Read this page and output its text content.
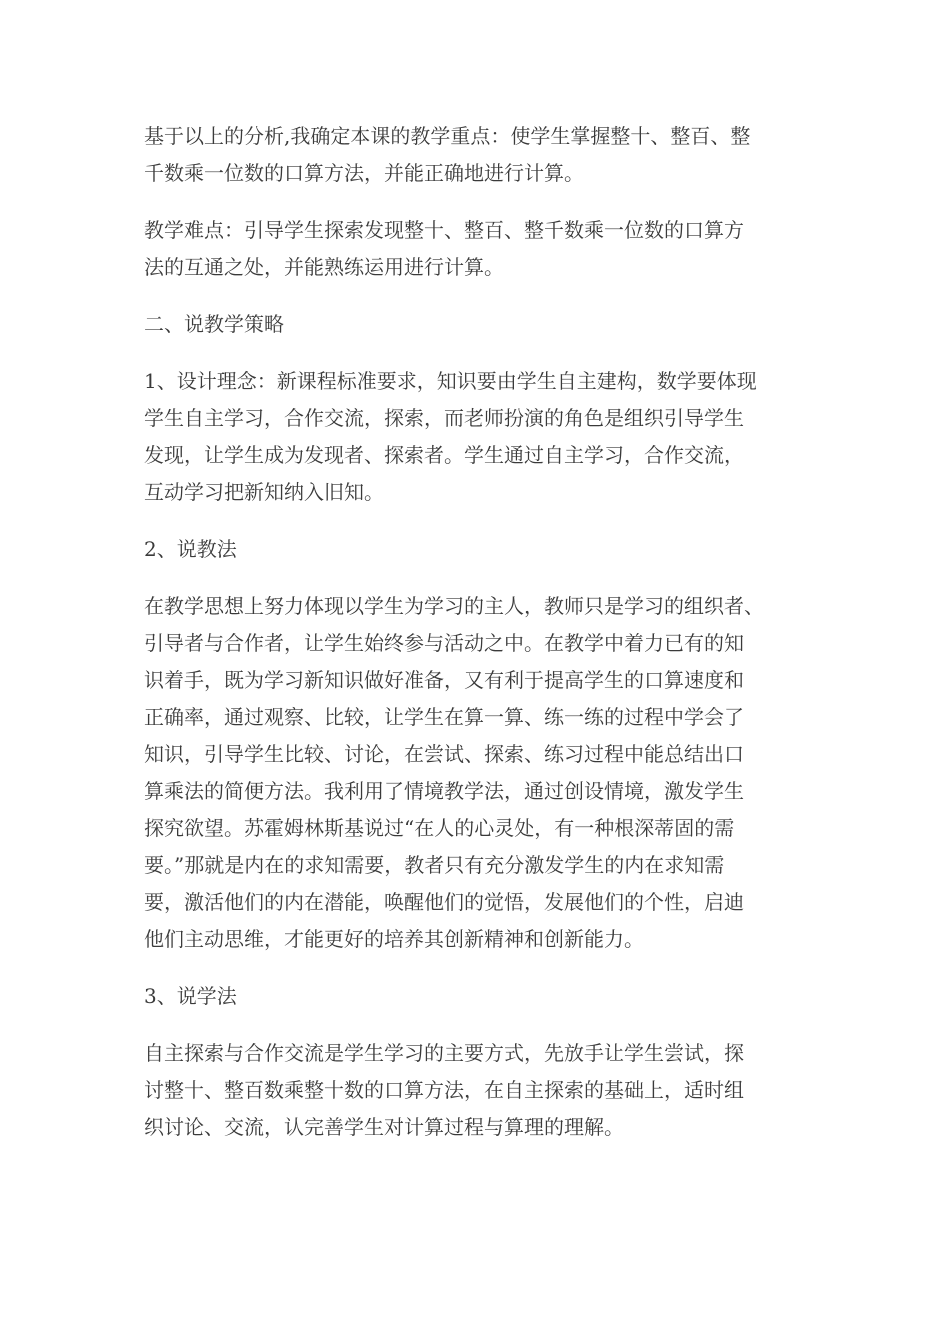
基于以上的分析,我确定本课的教学重点：使学生掌握整十、整百、整
千数乘一位数的口算方法，并能正确地进行计算。

教学难点：引导学生探索发现整十、整百、整千数乘一位数的口算方
法的互通之处，并能熟练运用进行计算。

二、说教学策略

1、设计理念：新课程标准要求，知识要由学生自主建构，数学要体现
学生自主学习，合作交流，探索，而老师扮演的角色是组织引导学生
发现，让学生成为发现者、探索者。学生通过自主学习，合作交流，
互动学习把新知纳入旧知。

2、说教法

在教学思想上努力体现以学生为学习的主人，教师只是学习的组织者、
引导者与合作者，让学生始终参与活动之中。在教学中着力已有的知
识着手，既为学习新知识做好准备，又有利于提高学生的口算速度和
正确率，通过观察、比较，让学生在算一算、练一练的过程中学会了
知识，引导学生比较、讨论，在尝试、探索、练习过程中能总结出口
算乘法的简便方法。我利用了情境教学法，通过创设情境，激发学生
探究欲望。苏霍姆林斯基说过“在人的心灵处，有一种根深蒂固的需
要。”那就是内在的求知需要，教者只有充分激发学生的内在求知需
要，激活他们的内在潜能，唤醒他们的觉悟，发展他们的个性，启迪
他们主动思维，才能更好的培养其创新精神和创新能力。

3、说学法

自主探索与合作交流是学生学习的主要方式，先放手让学生尝试，探
讨整十、整百数乘整十数的口算方法，在自主探索的基础上，适时组
织讨论、交流，认完善学生对计算过程与算理的理解。
